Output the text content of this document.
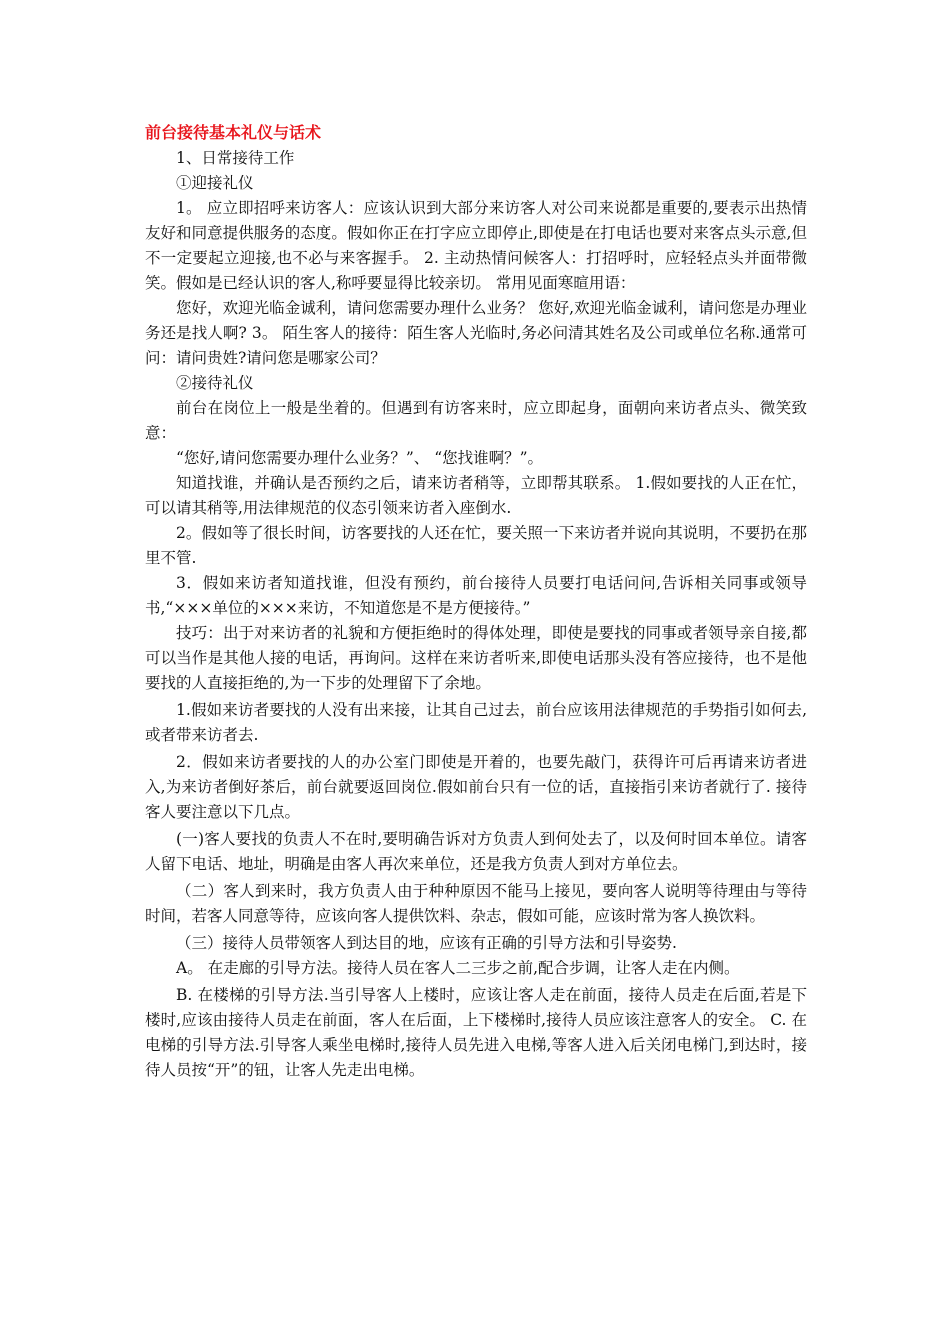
前台接待基本礼仪与话术

1、日常接待工作

①迎接礼仪

1。 应立即招呼来访客人：应该认识到大部分来访客人对公司来说都是重要的,要表示出热情友好和同意提供服务的态度。假如你正在打字应立即停止,即使是在打电话也要对来客点头示意,但不一定要起立迎接,也不必与来客握手。 2. 主动热情问候客人：打招呼时，应轻轻点头并面带微笑。假如是已经认识的客人,称呼要显得比较亲切。 常用见面寒暄用语：

您好，欢迎光临金诚利，请问您需要办理什么业务？ 您好,欢迎光临金诚利，请问您是办理业务还是找人啊? 3。 陌生客人的接待：陌生客人光临时,务必问清其姓名及公司或单位名称.通常可问：请问贵姓?请问您是哪家公司？

②接待礼仪

前台在岗位上一般是坐着的。但遇到有访客来时，应立即起身，面朝向来访者点头、微笑致意：

“您好,请问您需要办理什么业务？”、 “您找谁啊？”。

知道找谁，并确认是否预约之后，请来访者稍等，立即帮其联系。 1.假如要找的人正在忙，可以请其稍等,用法律规范的仪态引领来访者入座倒水.

2。假如等了很长时间，访客要找的人还在忙，要关照一下来访者并说向其说明，不要扔在那里不管.

3．假如来访者知道找谁，但没有预约，前台接待人员要打电话问问,告诉相关同事或领导书,“×××单位的×××来访，不知道您是不是方便接待。”

技巧：出于对来访者的礼貌和方便拒绝时的得体处理，即使是要找的同事或者领导亲自接,都可以当作是其他人接的电话，再询问。这样在来访者听来,即使电话那头没有答应接待，也不是他要找的人直接拒绝的,为一下步的处理留下了余地。

1.假如来访者要找的人没有出来接，让其自己过去，前台应该用法律规范的手势指引如何去,或者带来访者去.

2．假如来访者要找的人的办公室门即使是开着的，也要先敲门，获得许可后再请来访者进入,为来访者倒好茶后，前台就要返回岗位.假如前台只有一位的话，直接指引来访者就行了. 接待客人要注意以下几点。

(一)客人要找的负责人不在时,要明确告诉对方负责人到何处去了，以及何时回本单位。请客人留下电话、地址，明确是由客人再次来单位，还是我方负责人到对方单位去。

（二）客人到来时，我方负责人由于种种原因不能马上接见，要向客人说明等待理由与等待时间，若客人同意等待，应该向客人提供饮料、杂志，假如可能，应该时常为客人换饮料。

（三）接待人员带领客人到达目的地，应该有正确的引导方法和引导姿势.

A。 在走廊的引导方法。接待人员在客人二三步之前,配合步调，让客人走在内侧。

B. 在楼梯的引导方法.当引导客人上楼时，应该让客人走在前面，接待人员走在后面,若是下楼时,应该由接待人员走在前面，客人在后面，上下楼梯时,接待人员应该注意客人的安全。 C. 在电梯的引导方法.引导客人乘坐电梯时,接待人员先进入电梯,等客人进入后关闭电梯门,到达时，接待人员按“开”的钮，让客人先走出电梯。
